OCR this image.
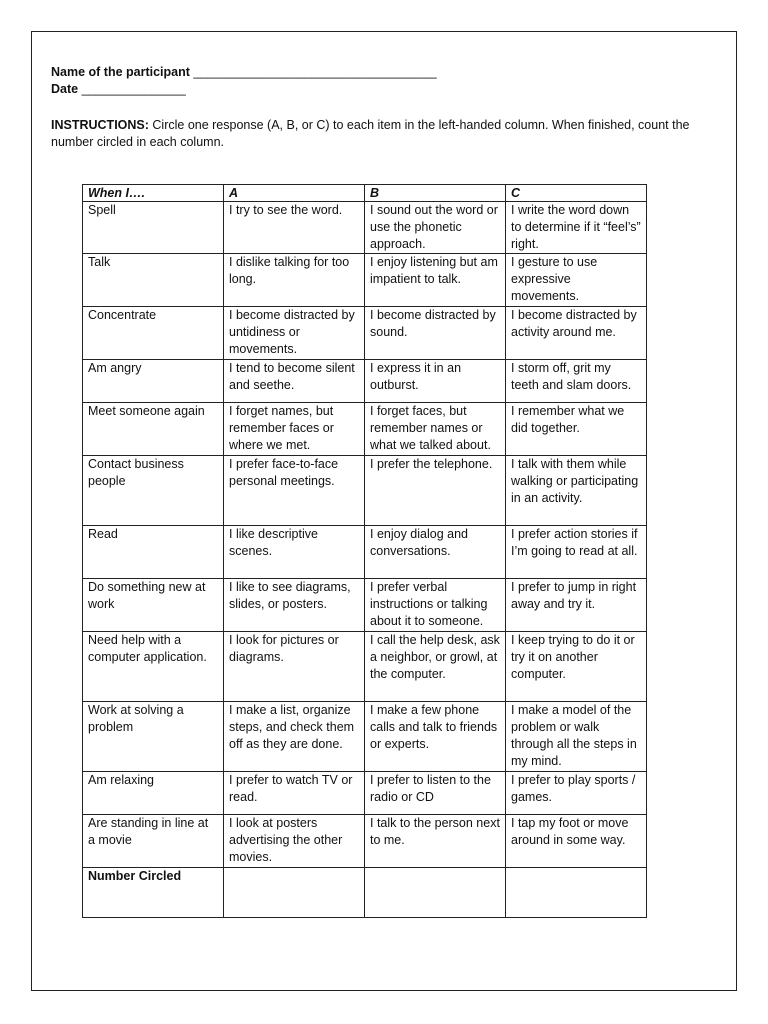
Name of the participant ___________________________________
Date _______________
INSTRUCTIONS: Circle one response (A, B, or C) to each item in the left-handed column. When finished, count the number circled in each column.
When I….	A	B	C
Spell	I try to see the word.	I sound out the word or use the phonetic approach.	I write the word down to determine if it “feel’s” right.
Talk	I dislike talking for too long.	I enjoy listening but am impatient to talk.	I gesture to use expressive movements.
Concentrate	I become distracted by untidiness or movements.	I become distracted by sound.	I become distracted by activity around me.
Am angry	I tend to become silent and seethe.	I express it in an outburst.	I storm off, grit my teeth and slam doors.
Meet someone again	I forget names, but remember faces or where we met.	I forget faces, but remember names or what we talked about.	I remember what we did together.
Contact business people	I prefer face-to-face personal meetings.	I prefer the telephone.	I talk with them while walking or participating in an activity.
Read	I like descriptive scenes.	I enjoy dialog and conversations.	I prefer action stories if I’m going to read at all.
Do something new at work	I like to see diagrams, slides, or posters.	I prefer verbal instructions or talking about it to someone.	I prefer to jump in right away and try it.
Need help with a computer application.	I look for pictures or diagrams.	I call the help desk, ask a neighbor, or growl, at the computer.	I keep trying to do it or try it on another computer.
Work at solving a problem	I make a list, organize steps, and check them off as they are done.	I make a few phone calls and talk to friends or experts.	I make a model of the problem or walk through all the steps in my mind.
Am relaxing	I prefer to watch TV or read.	I prefer to listen to the radio or CD	I prefer to play sports / games.
Are standing in line at a movie	I look at posters advertising the other movies.	I talk to the person next to me.	I tap my foot or move around in some way.
Number Circled			
